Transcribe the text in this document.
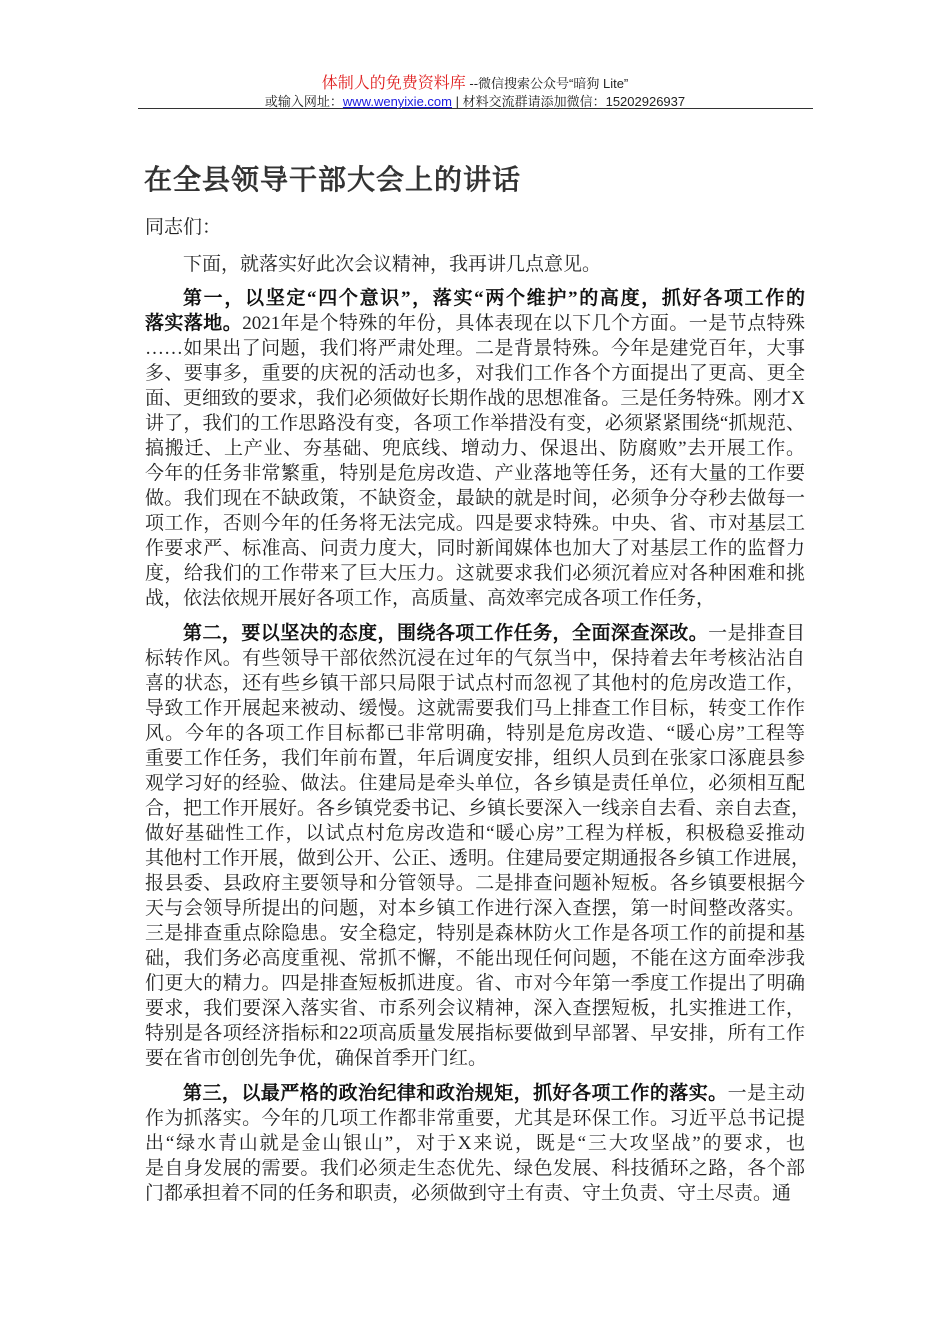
体制人的免费资料库 --微信搜索公众号“暗狗 Lite”
或输入网址：www.wenyixie.com | 材料交流群请添加微信：15202926937
在全县领导干部大会上的讲话
同志们：
下面，就落实好此次会议精神，我再讲几点意见。
第一，以坚定“四个意识”，落实“两个维护”的高度，抓好各项工作的
落实落地。2021年是个特殊的年份，具体表现在以下几个方面。一是节点特殊
……如果出了问题，我们将严肃处理。二是背景特殊。今年是建党百年，大事
多、要事多，重要的庆祝的活动也多，对我们工作各个方面提出了更高、更全
面、更细致的要求，我们必须做好长期作战的思想准备。三是任务特殊。刚才X
讲了，我们的工作思路没有变，各项工作举措没有变，必须紧紧围绕“抓规范、
搞搬迁、上产业、夯基础、兜底线、增动力、保退出、防腐败”去开展工作。
今年的任务非常繁重，特别是危房改造、产业落地等任务，还有大量的工作要
做。我们现在不缺政策，不缺资金，最缺的就是时间，必须争分夺秒去做每一
项工作，否则今年的任务将无法完成。四是要求特殊。中央、省、市对基层工
作要求严、标准高、问责力度大，同时新闻媒体也加大了对基层工作的监督力
度，给我们的工作带来了巨大压力。这就要求我们必须沉着应对各种困难和挑
战，依法依规开展好各项工作，高质量、高效率完成各项工作任务，
第二，要以坚决的态度，围绕各项工作任务，全面深查深改。一是排查目
标转作风。有些领导干部依然沉浸在过年的气氛当中，保持着去年考核沾沾自
喜的状态，还有些乡镇干部只局限于试点村而忽视了其他村的危房改造工作，
导致工作开展起来被动、缓慢。这就需要我们马上排查工作目标，转变工作作
风。今年的各项工作目标都已非常明确，特别是危房改造、“暖心房”工程等
重要工作任务，我们年前布置，年后调度安排，组织人员到在张家口涿鹿县参
观学习好的经验、做法。住建局是牵头单位，各乡镇是责任单位，必须相互配
合，把工作开展好。各乡镇党委书记、乡镇长要深入一线亲自去看、亲自去查，
做好基础性工作，以试点村危房改造和“暖心房”工程为样板，积极稳妥推动
其他村工作开展，做到公开、公正、透明。住建局要定期通报各乡镇工作进展，
报县委、县政府主要领导和分管领导。二是排查问题补短板。各乡镇要根据今
天与会领导所提出的问题，对本乡镇工作进行深入查摆，第一时间整改落实。
三是排查重点除隐患。安全稳定，特别是森林防火工作是各项工作的前提和基
础，我们务必高度重视、常抓不懈，不能出现任何问题，不能在这方面牵涉我
们更大的精力。四是排查短板抓进度。省、市对今年第一季度工作提出了明确
要求，我们要深入落实省、市系列会议精神，深入查摆短板，扎实推进工作，
特别是各项经济指标和22项高质量发展指标要做到早部署、早安排，所有工作
要在省市创创先争优，确保首季开门红。
第三，以最严格的政治纪律和政治规矩，抓好各项工作的落实。一是主动
作为抓落实。今年的几项工作都非常重要，尤其是环保工作。习近平总书记提
出“绿水青山就是金山银山”，对于X来说，既是“三大攻坚战”的要求，也
是自身发展的需要。我们必须走生态优先、绿色发展、科技循环之路，各个部
门都承担着不同的任务和职责，必须做到守土有责、守土负责、守土尽责。通
